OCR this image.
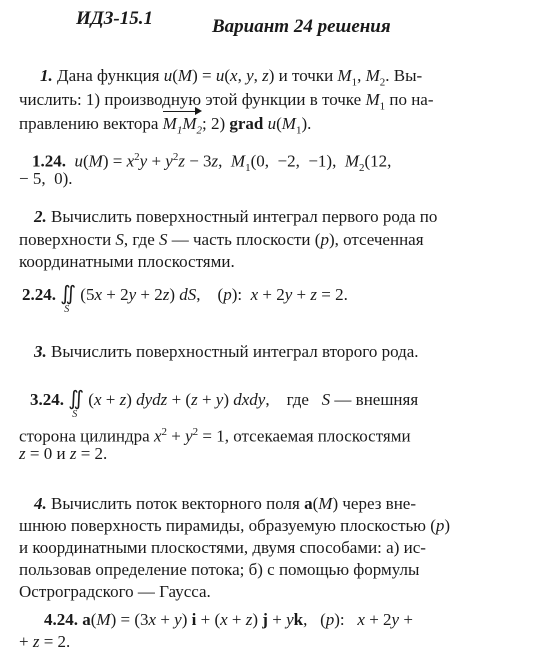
ИДЗ-15.1	Вариант 24 решения
1. Дана функция u(M) = u(x, y, z) и точки $M_1$, $M_2$. Вы-
числить: 1) производную этой функции в точке $M_1$ по на-
правлению вектора $M_1M_2$; 2) grad $u(M_1)$.
1.24. $u(M) = x^2y + y^2z - 3z$,  $M_1(0$,  −2,  −1),  $M_2(12$,
− 5,  0).
2. Вычислить поверхностный интеграл первого рода по
поверхности S, где S — часть плоскости (p), отсеченная
координатными плоскостями.
2.24. ∬
S
(5x + 2y + 2z) dS,    (p):  x + 2y + z = 2.
3. Вычислить поверхностный интеграл второго рода.
3.24. ∬
S
(x + z) dydz + (z + y) dxdy,    где   S — внешняя
сторона цилиндра $x^2 + y^2 = 1$, отсекаемая плоскостями
z = 0 и z = 2.
4. Вычислить поток векторного поля a(M) через вне-
шнюю поверхность пирамиды, образуемую плоскостью (p)
и координатными плоскостями, двумя способами: а) ис-
пользовав определение потока; б) с помощью формулы
Остроградского — Гаусса.
4.24. a(M) = (3x + y) i + (x + z) j + yk,   (p):   x + 2y +
+ z = 2.
